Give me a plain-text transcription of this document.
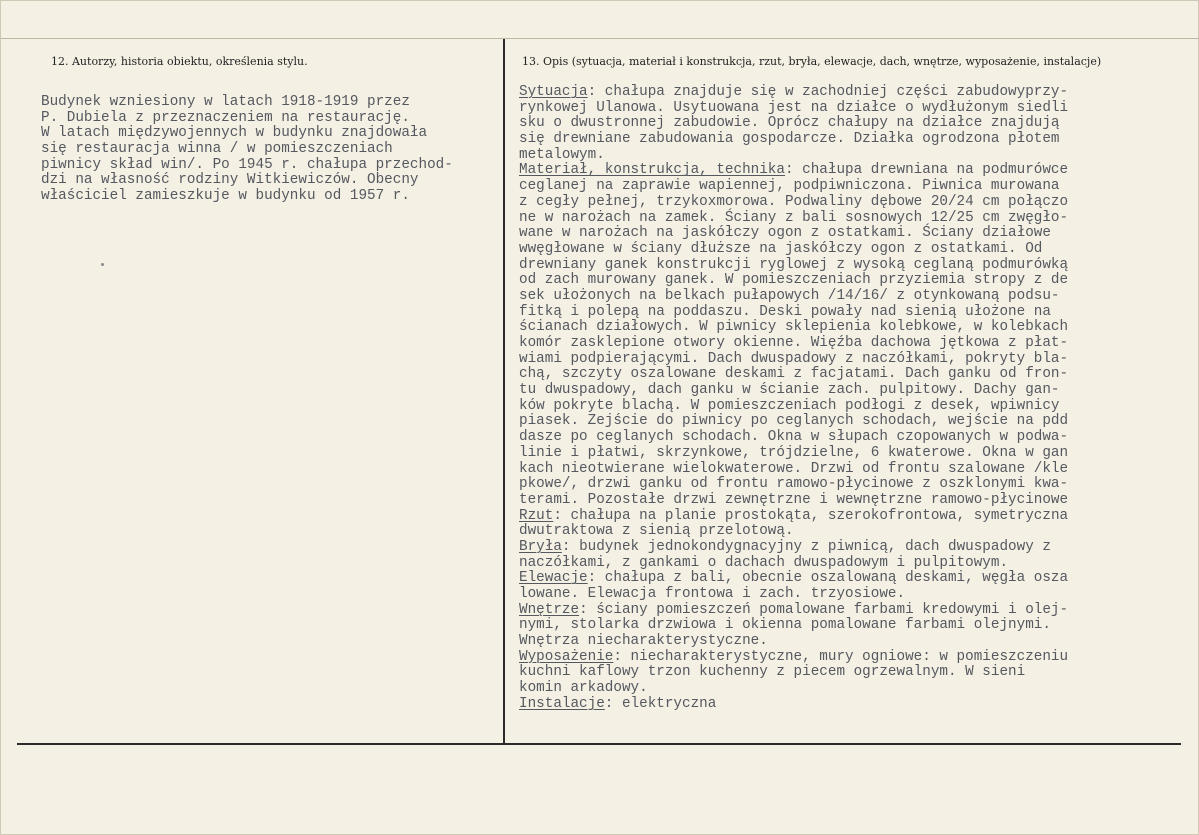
12. Autorzy, historia obiektu, określenia stylu.	13. Opis (sytuacja, materiał i konstrukcja, rzut, bryła, elewacje, dach, wnętrze, wyposażenie, instalacje)
Budynek wzniesiony w latach 1918-1919 przez
P. Dubiela z przeznaczeniem na restaurację.
W latach międzywojennych w budynku znajdowała
się restauracja winna / w pomieszczeniach
piwnicy skład win/. Po 1945 r. chałupa przechod-
dzi na własność rodziny Witkiewiczów. Obecny
właściciel zamieszkuje w budynku od 1957 r.
Sytuacja: chałupa znajduje się w zachodniej części zabudowyprzy-
rynkowej Ulanowa. Usytuowana jest na działce o wydłużonym siedli
sku o dwustronnej zabudowie. Oprócz chałupy na działce znajdują
się drewniane zabudowania gospodarcze. Działka ogrodzona płotem
metalowym.
Materiał, konstrukcja, technika: chałupa drewniana na podmurówce
ceglanej na zaprawie wapiennej, podpiwniczona. Piwnica murowana
z cegły pełnej, trzykoxmorowa. Podwaliny dębowe 20/24 cm połączo
ne w narożach na zamek. Ściany z bali sosnowych 12/25 cm zwęgło-
wane w narożach na jaskółczy ogon z ostatkami. Ściany działowe
wwęgłowane w ściany dłuższe na jaskółczy ogon z ostatkami. Od
drewniany ganek konstrukcji ryglowej z wysoką ceglaną podmurówką
od zach murowany ganek. W pomieszczeniach przyziemia stropy z de
sek ułożonych na belkach pułapowych /14/16/ z otynkowaną podsu-
fitką i polepą na poddaszu. Deski powały nad sienią ułożone na
ścianach działowych. W piwnicy sklepienia kolebkowe, w kolebkach
komór zasklepione otwory okienne. Więźba dachowa jętkowa z płat-
wiami podpierającymi. Dach dwuspadowy z naczółkami, pokryty bla-
chą, szczyty oszalowane deskami z facjatami. Dach ganku od fron-
tu dwuspadowy, dach ganku w ścianie zach. pulpitowy. Dachy gan-
ków pokryte blachą. W pomieszczeniach podłogi z desek, wpiwnicy
piasek. Zejście do piwnicy po ceglanych schodach, wejście na pdd
dasze po ceglanych schodach. Okna w słupach czopowanych w podwa-
linie i płatwi, skrzynkowe, trójdzielne, 6 kwaterowe. Okna w gan
kach nieotwierane wielokwaterowe. Drzwi od frontu szalowane /kle
pkowe/, drzwi ganku od frontu ramowo-płycinowe z oszklonymi kwa-
terami. Pozostałe drzwi zewnętrzne i wewnętrzne ramowo-płycinowe
Rzut: chałupa na planie prostokąta, szerokofrontowa, symetryczna
dwutraktowa z sienią przelotową.
Bryła: budynek jednokondygnacyjny z piwnicą, dach dwuspadowy z
naczółkami, z gankami o dachach dwuspadowym i pulpitowym.
Elewacje: chałupa z bali, obecnie oszalowaną deskami, węgła osza
lowane. Elewacja frontowa i zach. trzyosiowe.
Wnętrze: ściany pomieszczeń pomalowane farbami kredowymi i olej-
nymi, stolarka drzwiowa i okienna pomalowane farbami olejnymi.
Wnętrza niecharakterystyczne.
Wyposażenie: niecharakterystyczne, mury ogniowe: w pomieszczeniu
kuchni kaflowy trzon kuchenny z piecem ogrzewalnym. W sieni
komin arkadowy.
Instalacje: elektryczna
